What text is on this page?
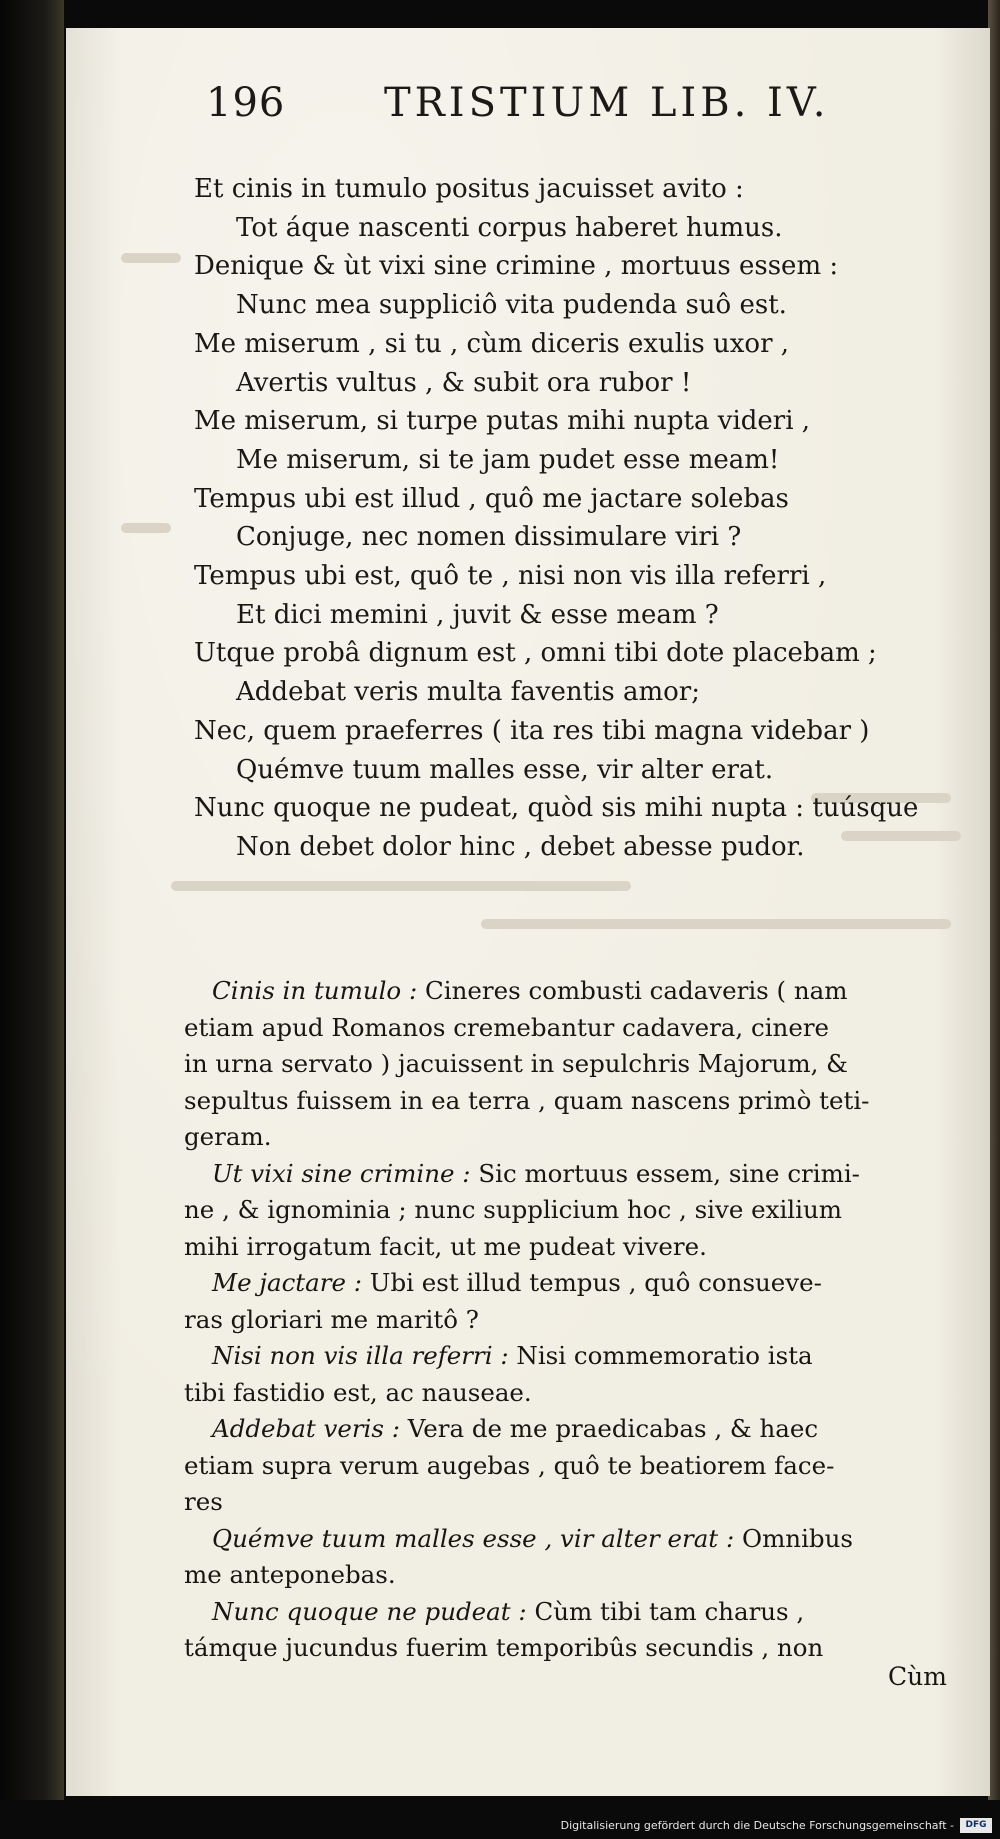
196 TRISTIUM LIB. IV.
Et cinis in tumulo positus jacuisset avito :
Tot áque nascenti corpus haberet humus.
Denique & ùt vixi sine crimine , mortuus essem :
Nunc mea suppliciô vita pudenda suô est.
Me miserum , si tu , cùm diceris exulis uxor ,
Avertis vultus , & subit ora rubor !
Me miserum, si turpe putas mihi nupta videri ,
Me miserum, si te jam pudet esse meam!
Tempus ubi est illud , quô me jactare solebas
Conjuge, nec nomen dissimulare viri ?
Tempus ubi est, quô te , nisi non vis illa referri ,
Et dici memini , juvit & esse meam ?
Utque probâ dignum est , omni tibi dote placebam ;
Addebat veris multa faventis amor;
Nec, quem praeferres ( ita res tibi magna videbar )
Quémve tuum malles esse, vir alter erat.
Nunc quoque ne pudeat, quòd sis mihi nupta : tuúsque
Non debet dolor hinc , debet abesse pudor.
Cinis in tumulo : Cineres combusti cadaveris ( nam
etiam apud Romanos cremebantur cadavera, cinere
in urna servato ) jacuissent in sepulchris Majorum, &
sepultus fuissem in ea terra , quam nascens primò teti-
geram.
Ut vixi sine crimine : Sic mortuus essem, sine crimi-
ne , & ignominia ; nunc supplicium hoc , sive exilium
mihi irrogatum facit, ut me pudeat vivere.
Me jactare : Ubi est illud tempus , quô consueve-
ras gloriari me maritô ?
Nisi non vis illa referri : Nisi commemoratio ista
tibi fastidio est, ac nauseae.
Addebat veris : Vera de me praedicabas , & haec
etiam supra verum augebas , quô te beatiorem face-
res
Quémve tuum malles esse , vir alter erat : Omnibus
me anteponebas.
Nunc quoque ne pudeat : Cùm tibi tam charus ,
támque jucundus fuerim temporibûs secundis , non
Cùm
Digitalisierung gefördert durch die Deutsche Forschungsgemeinschaft -	DFG
